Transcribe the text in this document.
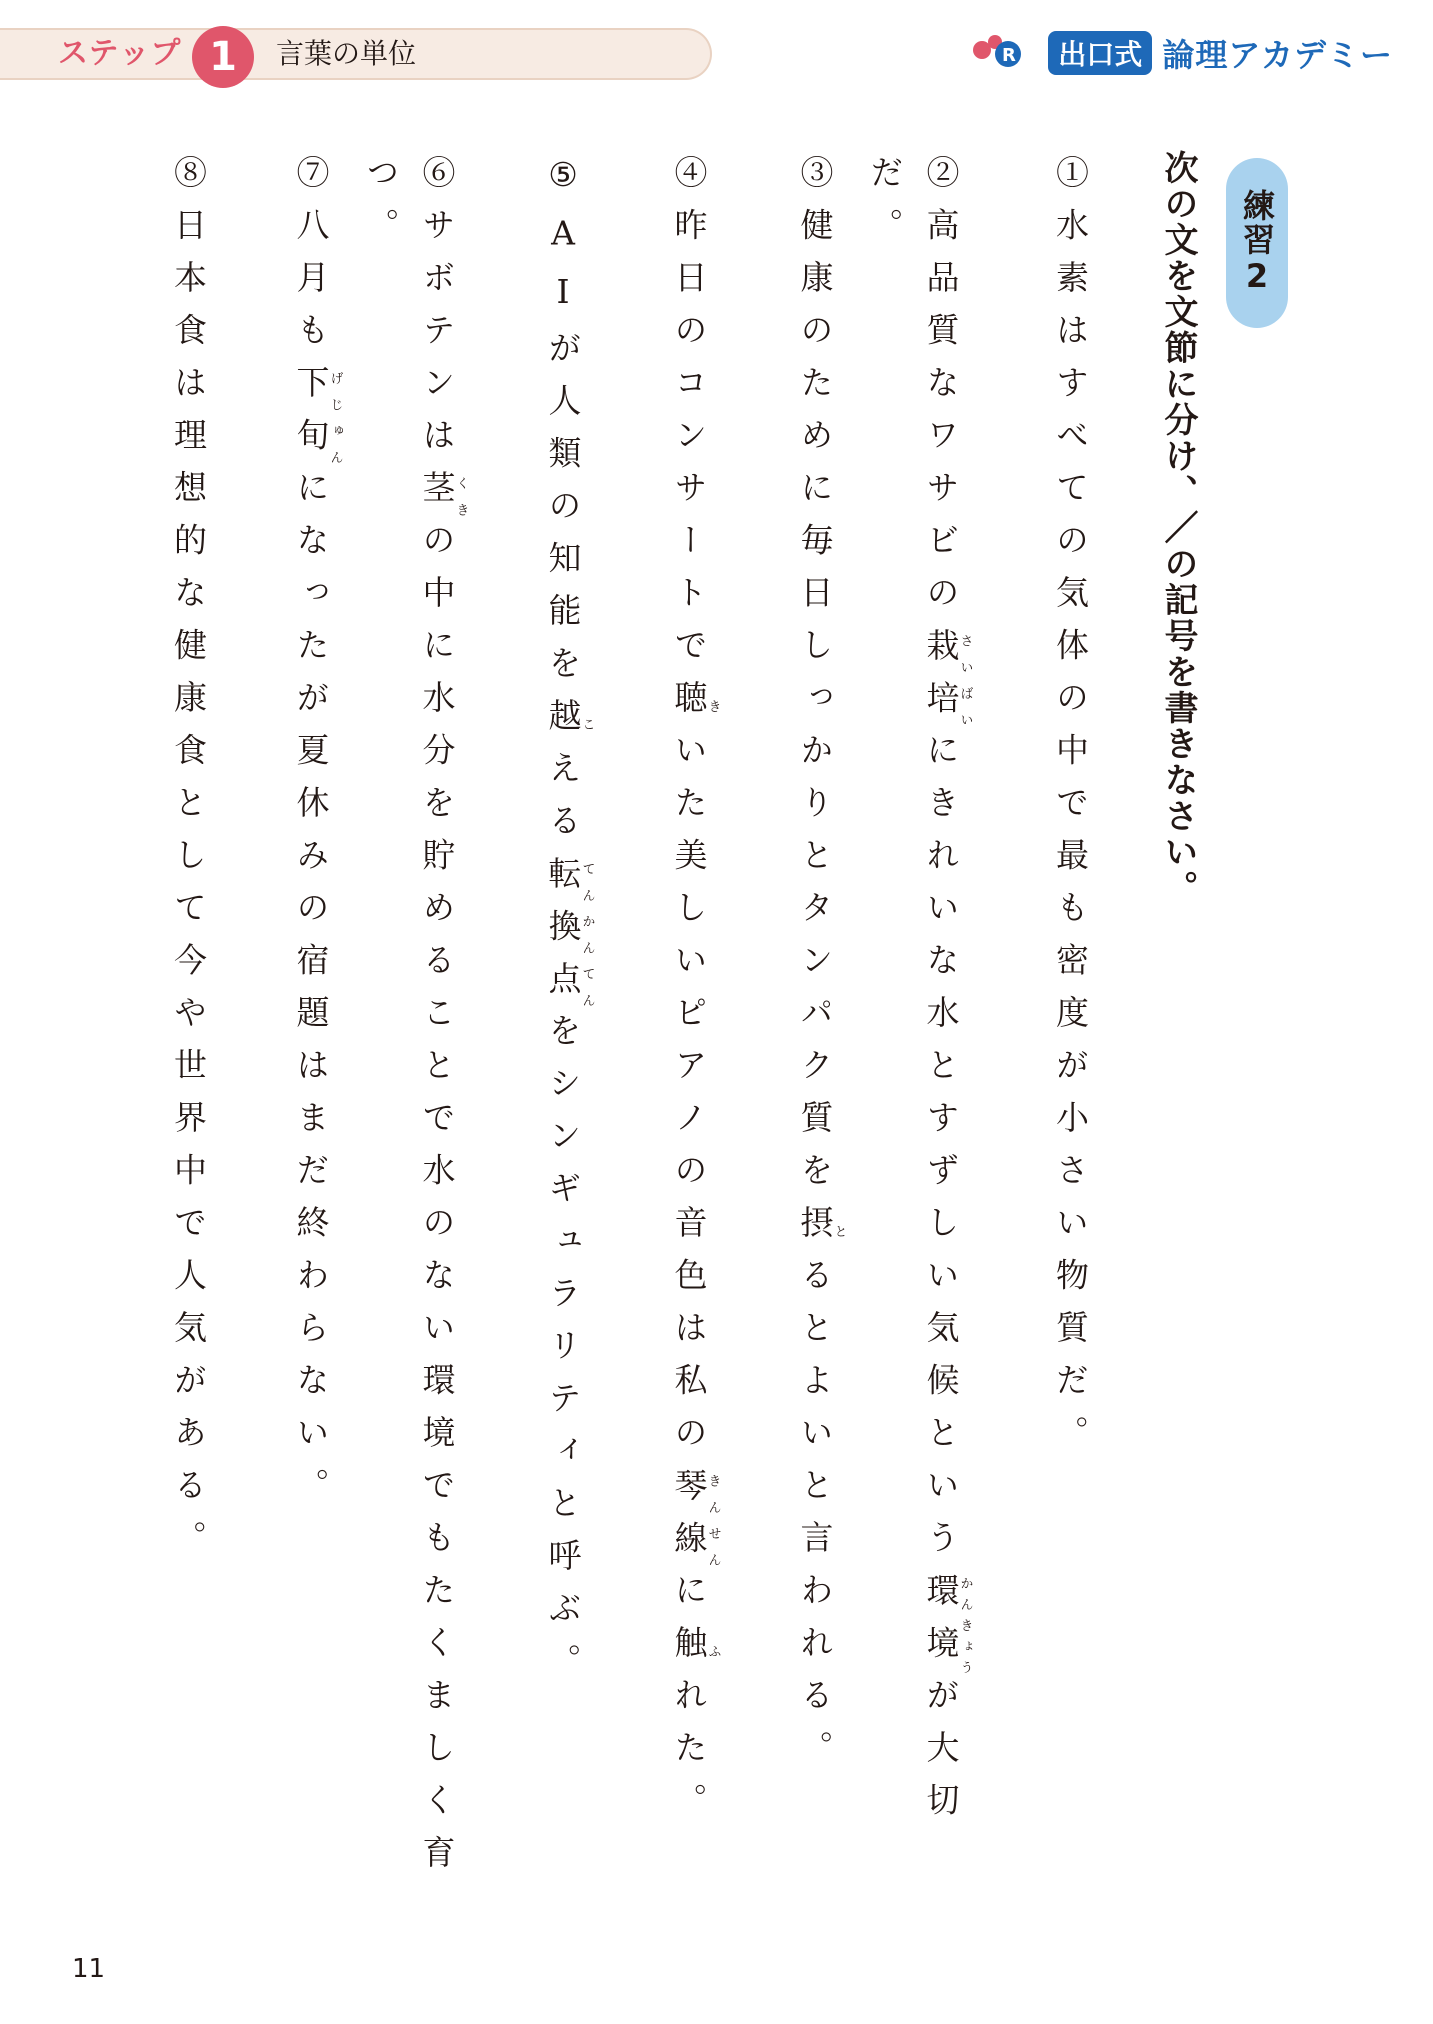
ステップ 1	言葉の単位	R	出口式 論理アカデミー
練習2
次の文を文節に分け、／の記号を書きなさい。
①水素はすべての気体の中で最も密度が小さい物質だ。
②高品質なワサビの栽培さいばいにきれいな水とすずしい気候という環境かんきょうが大切だ。
③健康のために毎日しっかりとタンパク質を摂とるとよいと言われる。
④昨日のコンサートで聴きいた美しいピアノの音色は私の琴線きんせんに触ふれた。
⑤AIが人類の知能を越こえる転換点てんかんてんをシンギュラリティと呼ぶ。
⑥サボテンは茎くきの中に水分を貯めることで水のない環境でもたくましく育つ。
⑦八月も下旬げじゅんになったが夏休みの宿題はまだ終わらない。
⑧日本食は理想的な健康食として今や世界中で人気がある。
11
